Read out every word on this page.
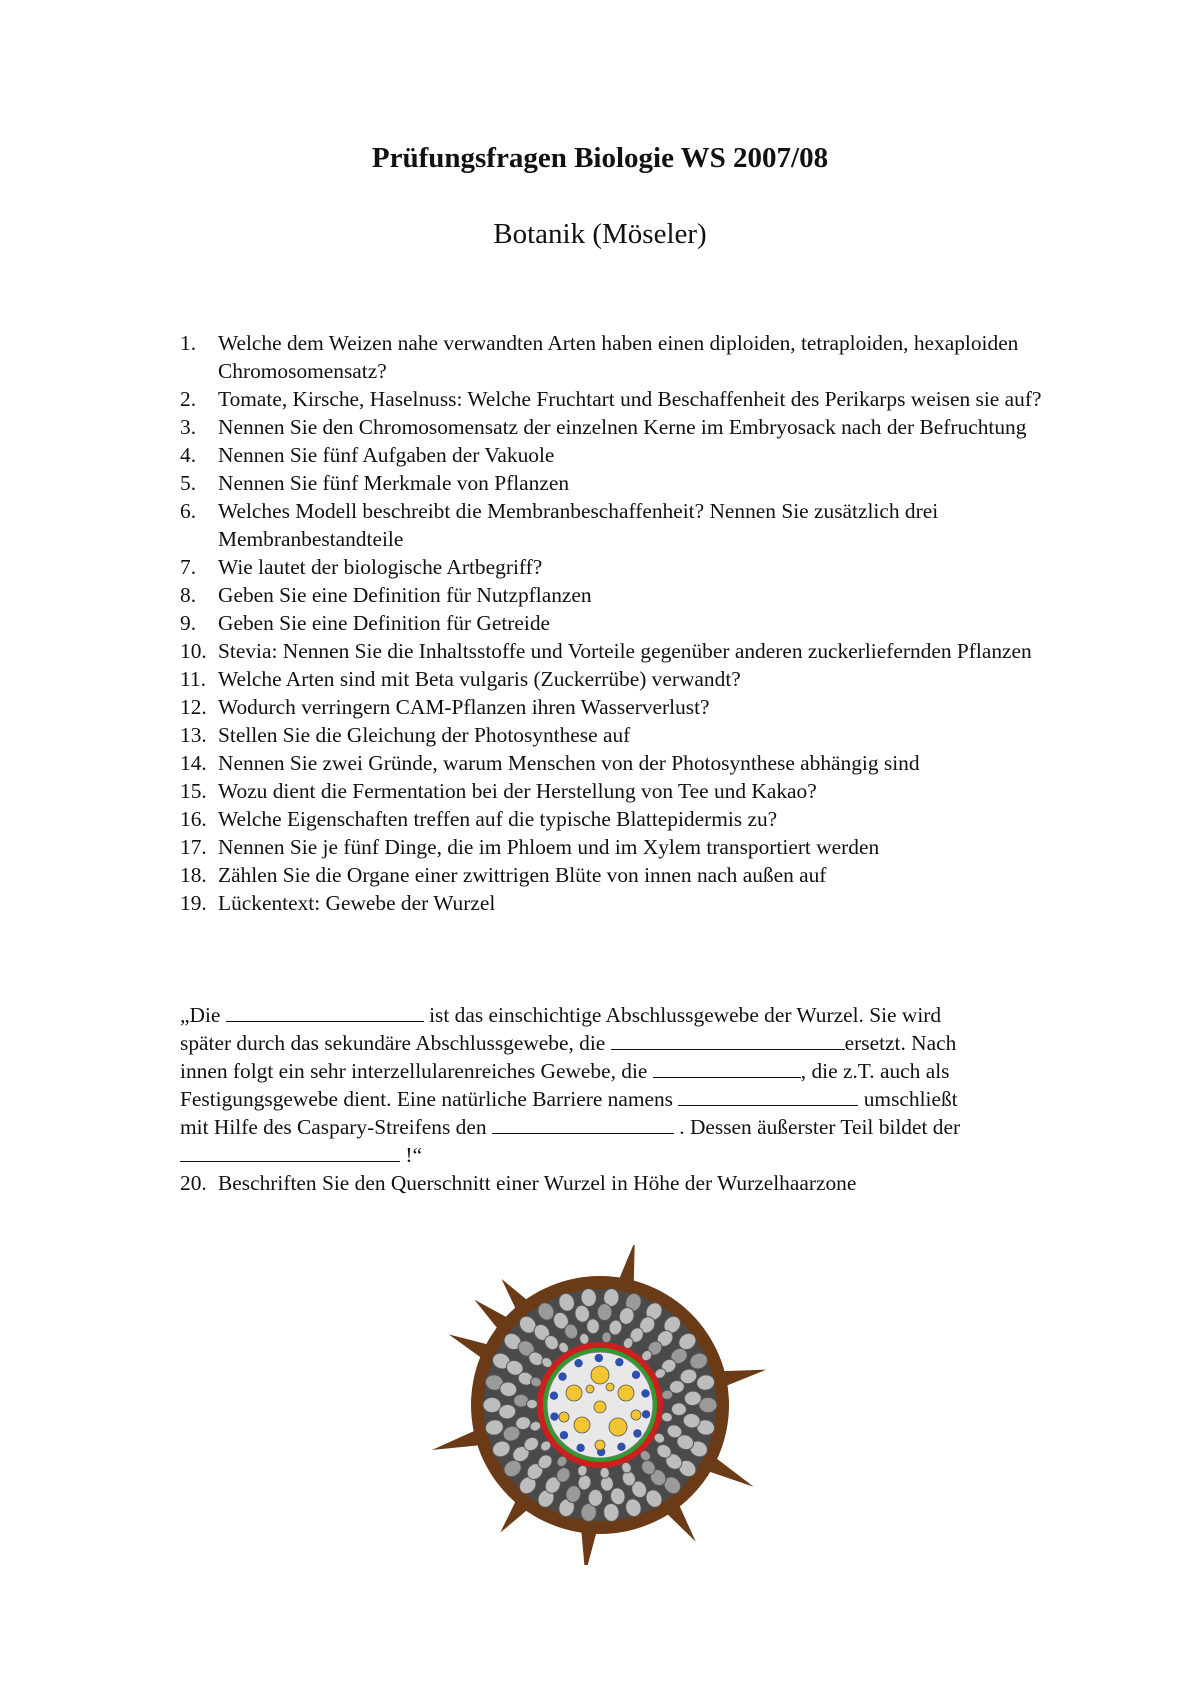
Prüfungsfragen Biologie WS 2007/08
Botanik (Möseler)
1.	Welche dem Weizen nahe verwandten Arten haben einen diploiden, tetraploiden, hexaploiden Chromosomensatz?
2.	Tomate, Kirsche, Haselnuss: Welche Fruchtart und Beschaffenheit des Perikarps weisen sie auf?
3.	Nennen Sie den Chromosomensatz der einzelnen Kerne im Embryosack nach der Befruchtung
4.	Nennen Sie fünf Aufgaben der Vakuole
5.	Nennen Sie fünf Merkmale von Pflanzen
6.	Welches Modell beschreibt die Membranbeschaffenheit? Nennen Sie zusätzlich drei Membranbestandteile
7.	Wie lautet der biologische Artbegriff?
8.	Geben Sie eine Definition für Nutzpflanzen
9.	Geben Sie eine Definition für Getreide
10. Stevia: Nennen Sie die Inhaltsstoffe und Vorteile gegenüber anderen zuckerliefernden Pflanzen
11. Welche Arten sind mit Beta vulgaris (Zuckerrübe) verwandt?
12. Wodurch verringern CAM-Pflanzen ihren Wasserverlust?
13. Stellen Sie die Gleichung der Photosynthese auf
14. Nennen Sie zwei Gründe, warum Menschen von der Photosynthese abhängig sind
15. Wozu dient die Fermentation bei der Herstellung von Tee und Kakao?
16. Welche Eigenschaften treffen auf die typische Blattepidermis zu?
17. Nennen Sie je fünf Dinge, die im Phloem und im Xylem transportiert werden
18. Zählen Sie die Organe einer zwittrigen Blüte von innen nach außen auf
19. Lückentext: Gewebe der Wurzel
„Die	ist das einschichtige Abschlussgewebe der Wurzel. Sie wird
später durch das sekundäre Abschlussgewebe, die	ersetzt. Nach
innen folgt ein sehr interzellularenreiches Gewebe, die	, die z.T. auch als
Festigungsgewebe dient. Eine natürliche Barriere namens	umschließt
mit Hilfe des Caspary-Streifens den	. Dessen äußerster Teil bildet der
!“
20. Beschriften Sie den Querschnitt einer Wurzel in Höhe der Wurzelhaarzone
